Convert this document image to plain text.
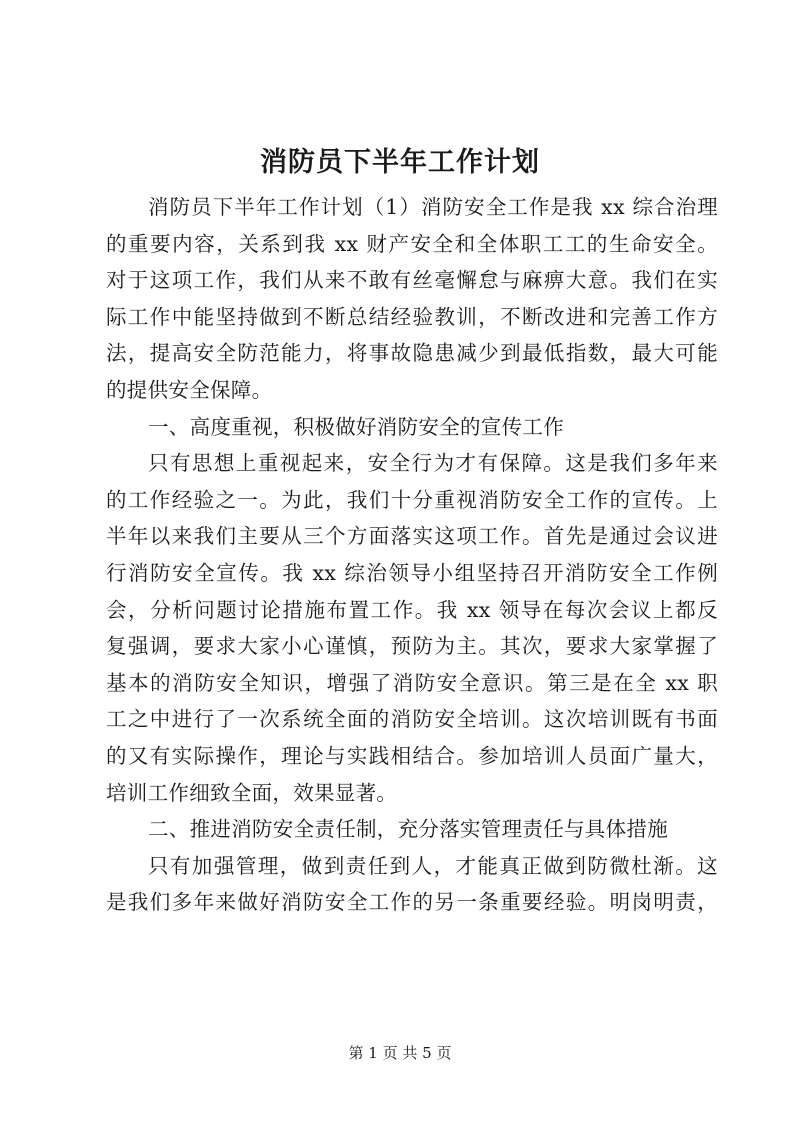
消防员下半年工作计划
消防员下半年工作计划（1）消防安全工作是我 xx 综合治理
的重要内容，关系到我 xx 财产安全和全体职工工的生命安全。
对于这项工作，我们从来不敢有丝毫懈怠与麻痹大意。我们在实
际工作中能坚持做到不断总结经验教训，不断改进和完善工作方
法，提高安全防范能力，将事故隐患减少到最低指数，最大可能
的提供安全保障。
一、高度重视，积极做好消防安全的宣传工作
只有思想上重视起来，安全行为才有保障。这是我们多年来
的工作经验之一。为此，我们十分重视消防安全工作的宣传。上
半年以来我们主要从三个方面落实这项工作。首先是通过会议进
行消防安全宣传。我 xx 综治领导小组坚持召开消防安全工作例
会，分析问题讨论措施布置工作。我 xx 领导在每次会议上都反
复强调，要求大家小心谨慎，预防为主。其次，要求大家掌握了
基本的消防安全知识，增强了消防安全意识。第三是在全 xx 职
工之中进行了一次系统全面的消防安全培训。这次培训既有书面
的又有实际操作，理论与实践相结合。参加培训人员面广量大，
培训工作细致全面，效果显著。
二、推进消防安全责任制，充分落实管理责任与具体措施
只有加强管理，做到责任到人，才能真正做到防微杜渐。这
是我们多年来做好消防安全工作的另一条重要经验。明岗明责，
第 1 页 共 5 页
